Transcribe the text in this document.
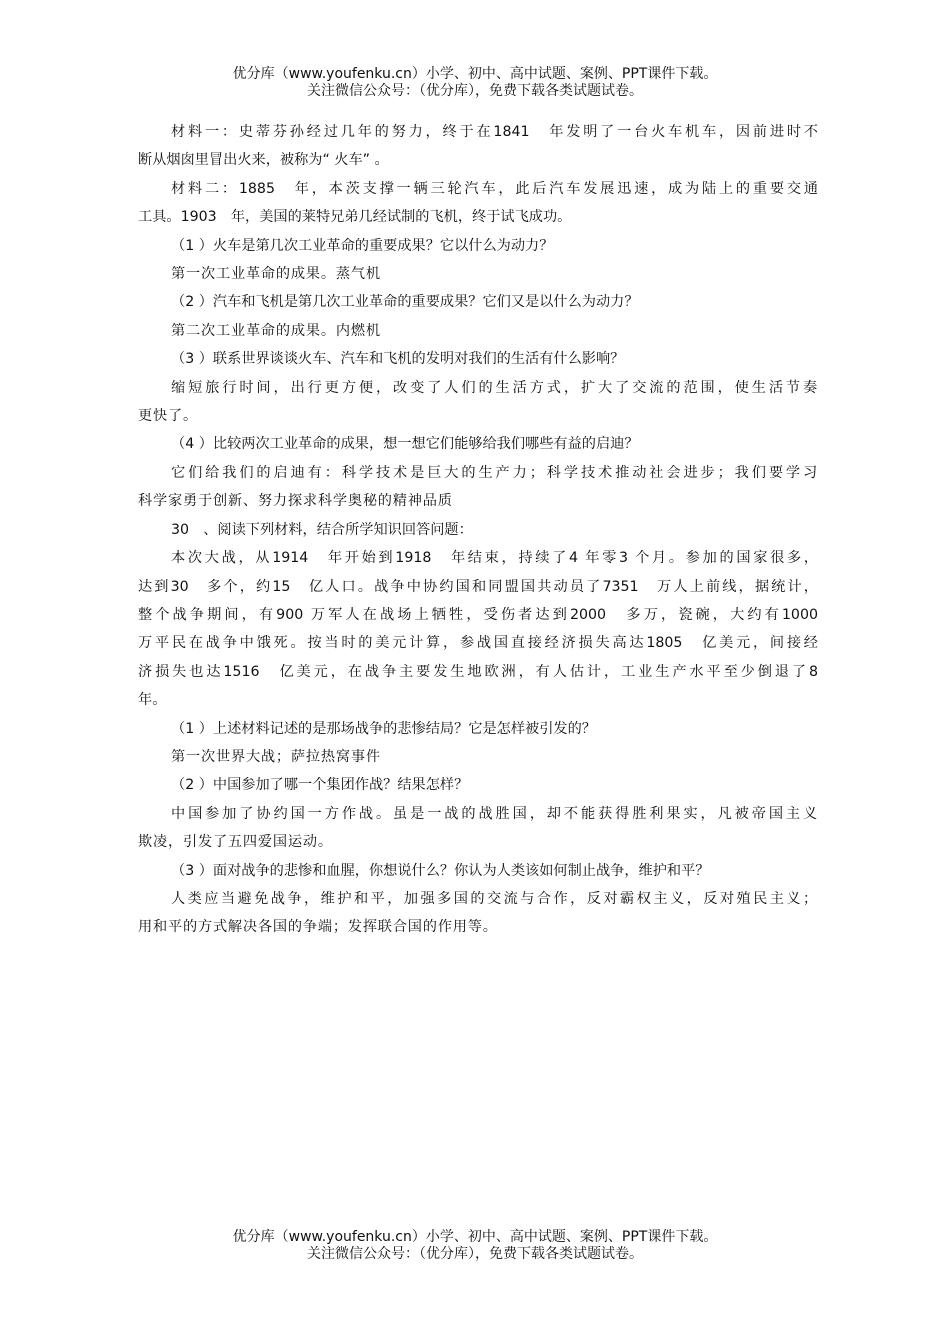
优分库（www.youfenku.cn）小学、初中、高中试题、案例、PPT课件下载。
关注微信公众号：（优分库），免费下载各类试题试卷。

材料一：史蒂芬孙经过几年的努力，终于在1841　年发明了一台火车机车，因前进时不

断从烟囱里冒出火来，被称为“ 火车” 。

材料二：1885　年，本茨支撑一辆三轮汽车，此后汽车发展迅速，成为陆上的重要交通

工具。1903　年，美国的莱特兄弟几经试制的飞机，终于试飞成功。

（1 ）火车是第几次工业革命的重要成果？它以什么为动力？

第一次工业革命的成果。蒸气机

（2 ）汽车和飞机是第几次工业革命的重要成果？它们又是以什么为动力？

第二次工业革命的成果。内燃机

（3 ）联系世界谈谈火车、汽车和飞机的发明对我们的生活有什么影响？

缩短旅行时间，出行更方便，改变了人们的生活方式，扩大了交流的范围，使生活节奏

更快了。

（4 ）比较两次工业革命的成果，想一想它们能够给我们哪些有益的启迪？

它们给我们的启迪有：科学技术是巨大的生产力；科学技术推动社会进步；我们要学习

科学家勇于创新、努力探求科学奥秘的精神品质

30　、阅读下列材料，结合所学知识回答问题：

本次大战，从1914　年开始到1918　年结束，持续了4 年零3 个月。参加的国家很多，

达到30　多个，约15　亿人口。战争中协约国和同盟国共动员了7351　万人上前线，据统计，

整个战争期间，有900 万军人在战场上牺牲，受伤者达到2000　多万，瓷碗，大约有1000

万平民在战争中饿死。按当时的美元计算，参战国直接经济损失高达1805　亿美元，间接经

济损失也达1516　亿美元，在战争主要发生地欧洲，有人估计，工业生产水平至少倒退了8

年。

（1 ）上述材料记述的是那场战争的悲惨结局？它是怎样被引发的？

第一次世界大战；萨拉热窝事件

（2 ）中国参加了哪一个集团作战？结果怎样？

中国参加了协约国一方作战。虽是一战的战胜国，却不能获得胜利果实，凡被帝国主义

欺凌，引发了五四爱国运动。

（3 ）面对战争的悲惨和血腥，你想说什么？你认为人类该如何制止战争，维护和平？

人类应当避免战争，维护和平，加强多国的交流与合作，反对霸权主义，反对殖民主义；

用和平的方式解决各国的争端；发挥联合国的作用等。

优分库（www.youfenku.cn）小学、初中、高中试题、案例、PPT课件下载。
关注微信公众号：（优分库），免费下载各类试题试卷。
